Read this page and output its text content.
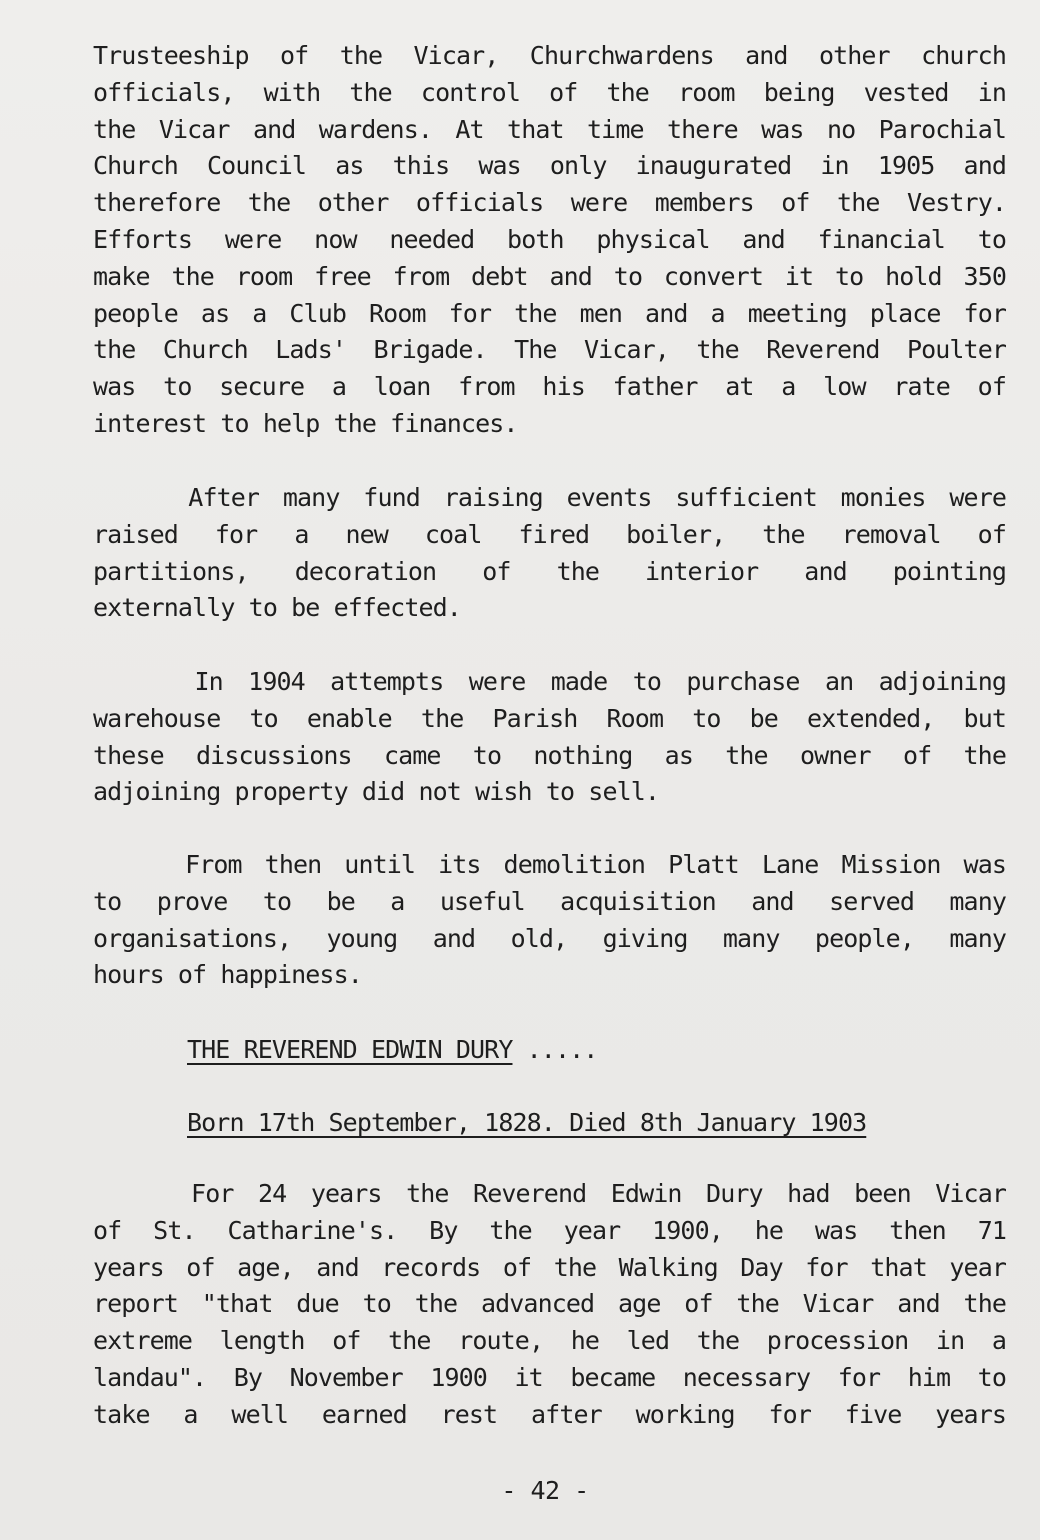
Trusteeship of the Vicar, Churchwardens and other church
officials, with the control of the room being vested in
the Vicar and wardens. At that time there was no Parochial
Church Council as this was only inaugurated in 1905 and
therefore the other officials were members of the Vestry.
Efforts were now needed both physical and financial to
make the room free from debt and to convert it to hold 350
people as a Club Room for the men and a meeting place for
the Church Lads' Brigade. The Vicar, the Reverend Poulter
was to secure a loan from his father at a low rate of
interest to help the finances.
After many fund raising events sufficient monies were
raised for a new coal fired boiler, the removal of
partitions, decoration of the interior and pointing
externally to be effected.
In 1904 attempts were made to purchase an adjoining
warehouse to enable the Parish Room to be extended, but
these discussions came to nothing as the owner of the
adjoining property did not wish to sell.
From then until its demolition Platt Lane Mission was
to prove to be a useful acquisition and served many
organisations, young and old, giving many people, many
hours of happiness.
THE REVEREND EDWIN DURY .....
Born 17th September, 1828. Died 8th January 1903
For 24 years the Reverend Edwin Dury had been Vicar
of St. Catharine's. By the year 1900, he was then 71
years of age, and records of the Walking Day for that year
report "that due to the advanced age of the Vicar and the
extreme length of the route, he led the procession in a
landau". By November 1900 it became necessary for him to
take a well earned rest after working for five years
- 42 -
